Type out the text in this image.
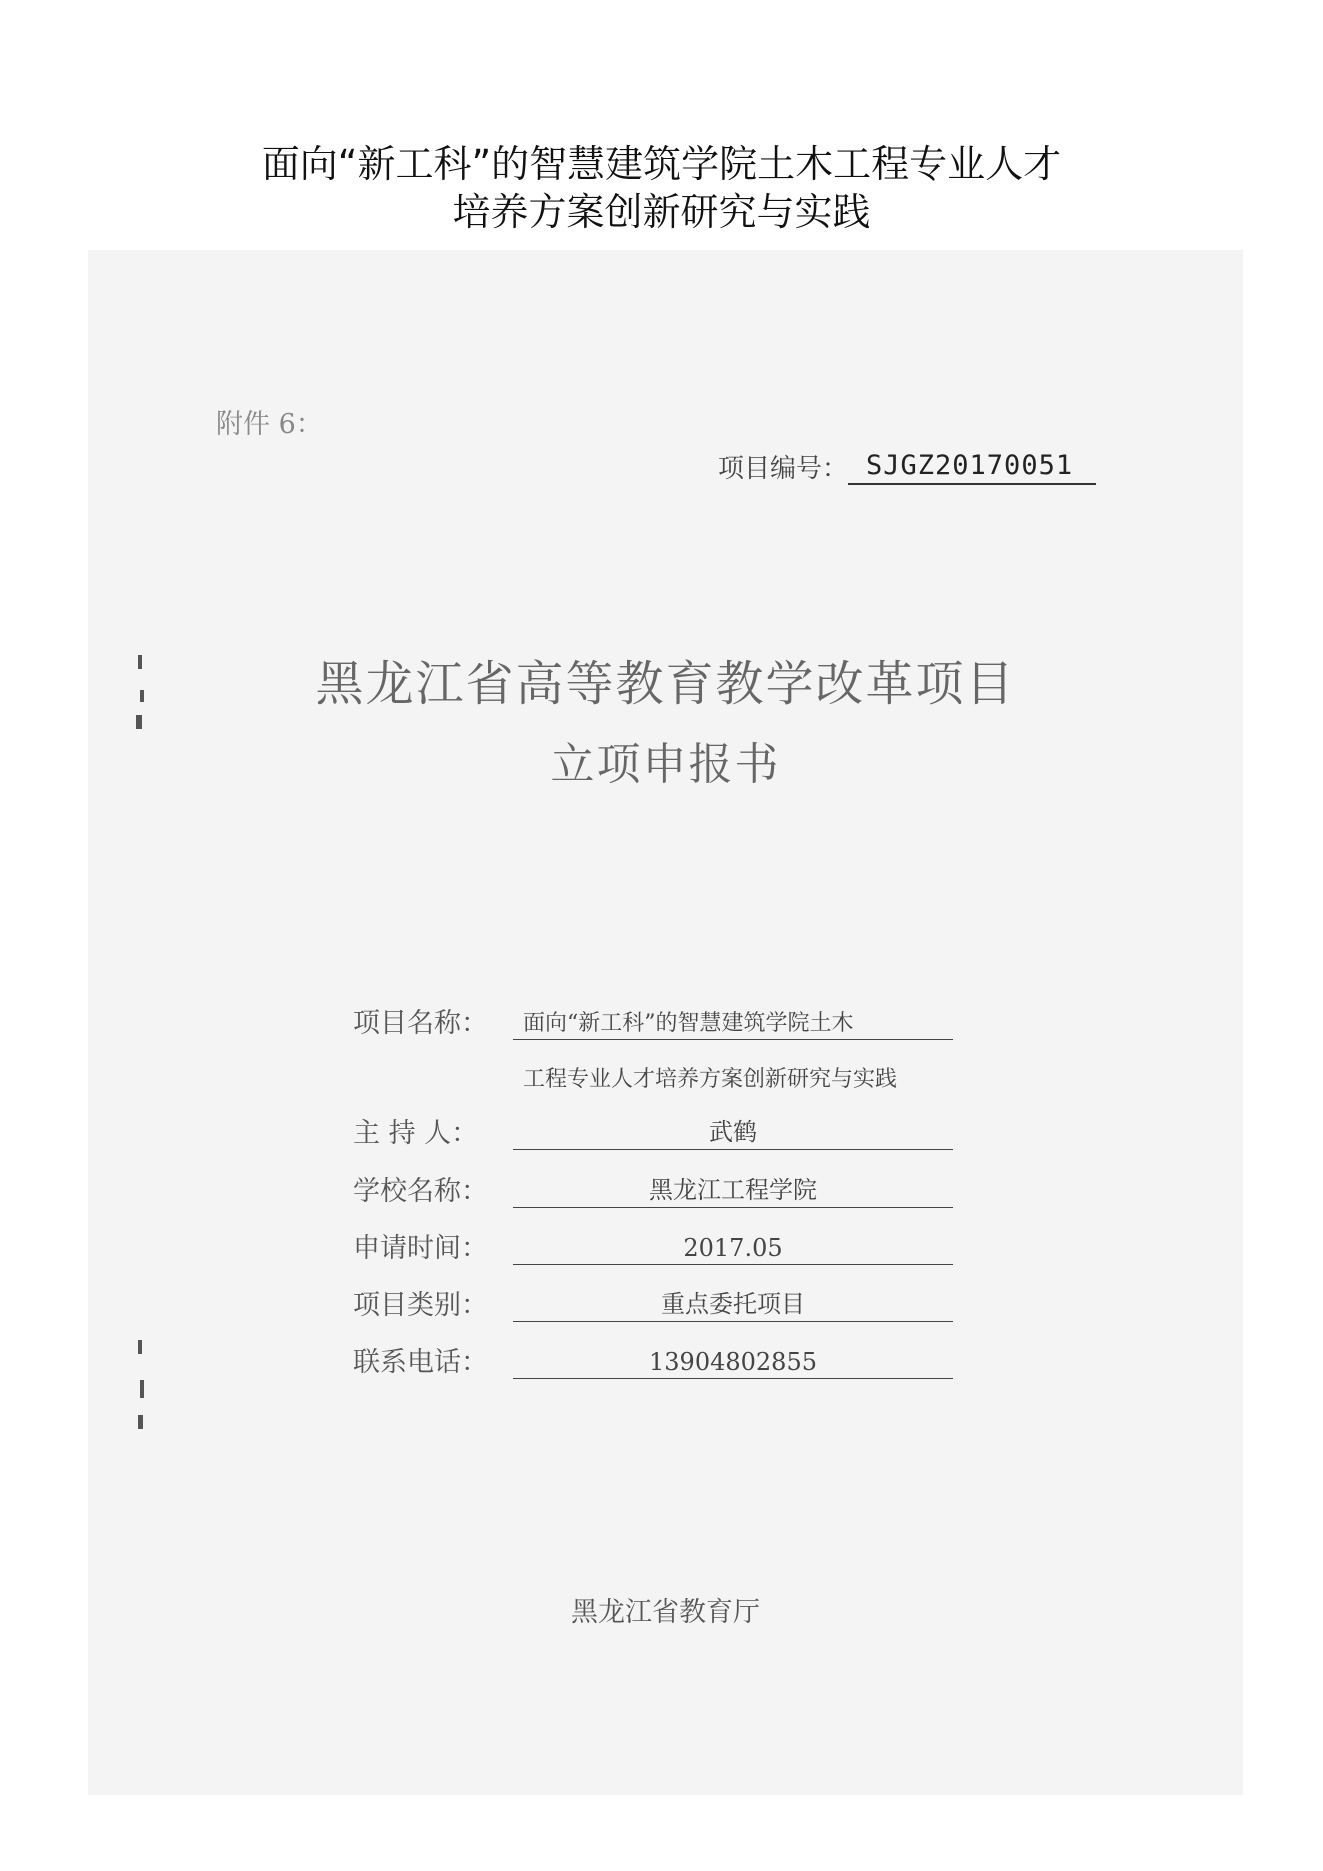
面向“新工科”的智慧建筑学院土木工程专业人才
培养方案创新研究与实践
附件 6：
项目编号： SJGZ20170051
黑龙江省高等教育教学改革项目
立项申报书
项目名称：	面向“新工科”的智慧建筑学院土木
工程专业人才培养方案创新研究与实践
主 持 人：	武鹤
学校名称：	黑龙江工程学院
申请时间：	2017.05
项目类别：	重点委托项目
联系电话：	13904802855
黑龙江省教育厅
